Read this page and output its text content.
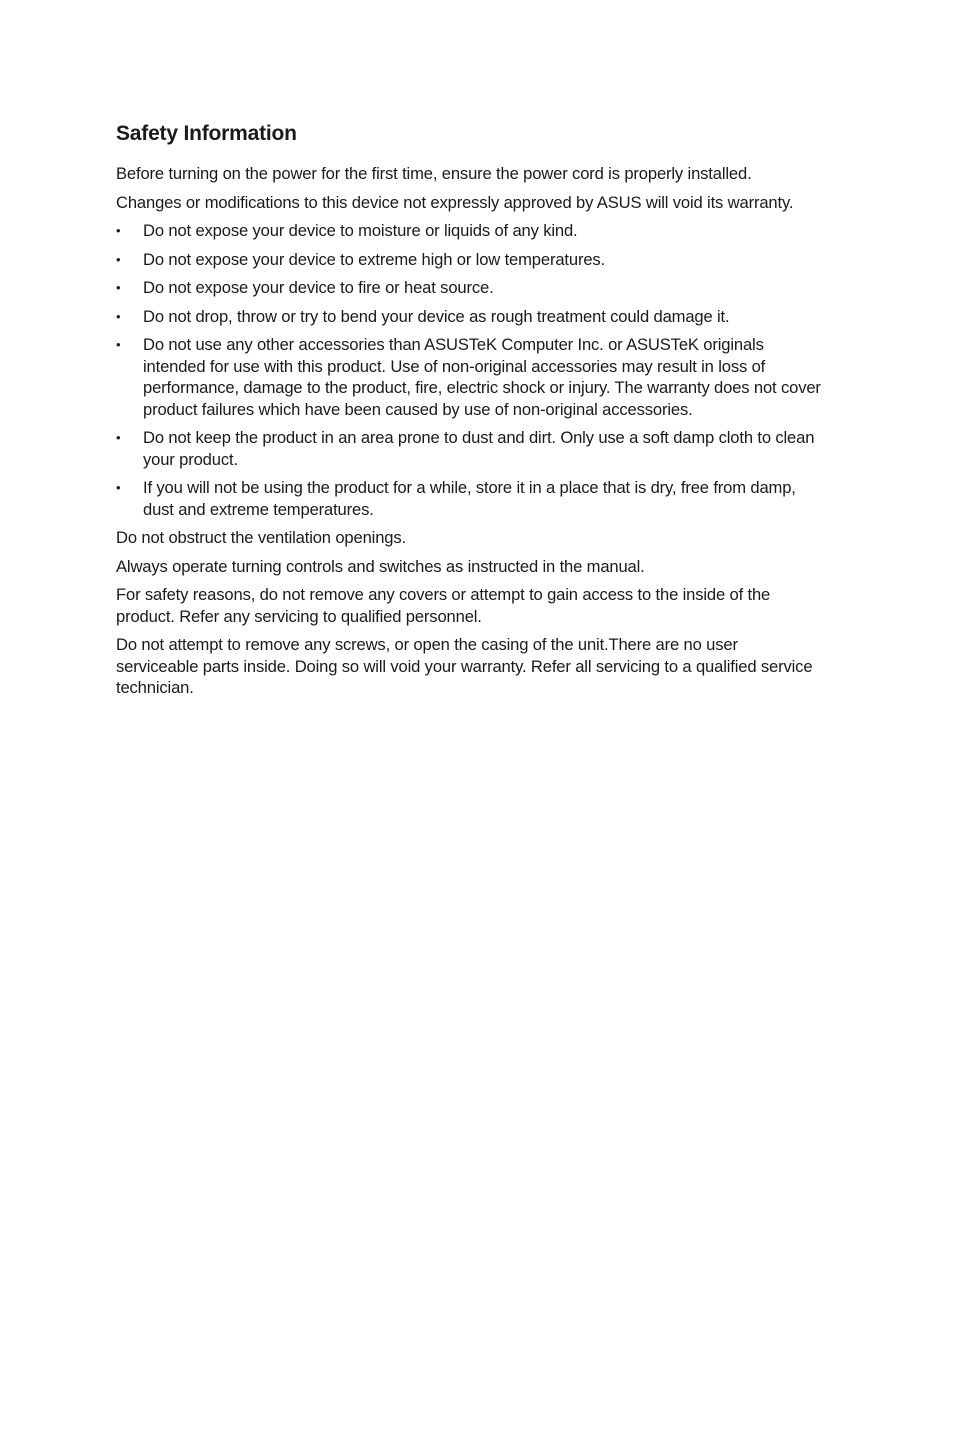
Safety Information

Before turning on the power for the first time, ensure the power cord is properly installed.

Changes or modifications to this device not expressly approved by ASUS will void its warranty.

• Do not expose your device to moisture or liquids of any kind.
• Do not expose your device to extreme high or low temperatures.
• Do not expose your device to fire or heat source.
• Do not drop, throw or try to bend your device as rough treatment could damage it.
• Do not use any other accessories than ASUSTeK Computer Inc. or ASUSTeK originals intended for use with this product. Use of non-original accessories may result in loss of performance, damage to the product, fire, electric shock or injury. The warranty does not cover product failures which have been caused by use of non-original accessories.
• Do not keep the product in an area prone to dust and dirt. Only use a soft damp cloth to clean your product.
• If you will not be using the product for a while, store it in a place that is dry, free from damp, dust and extreme temperatures.

Do not obstruct the ventilation openings.

Always operate turning controls and switches as instructed in the manual.

For safety reasons, do not remove any covers or attempt to gain access to the inside of the product. Refer any servicing to qualified personnel.

Do not attempt to remove any screws, or open the casing of the unit.There are no user serviceable parts inside. Doing so will void your warranty. Refer all servicing to a qualified service technician.
